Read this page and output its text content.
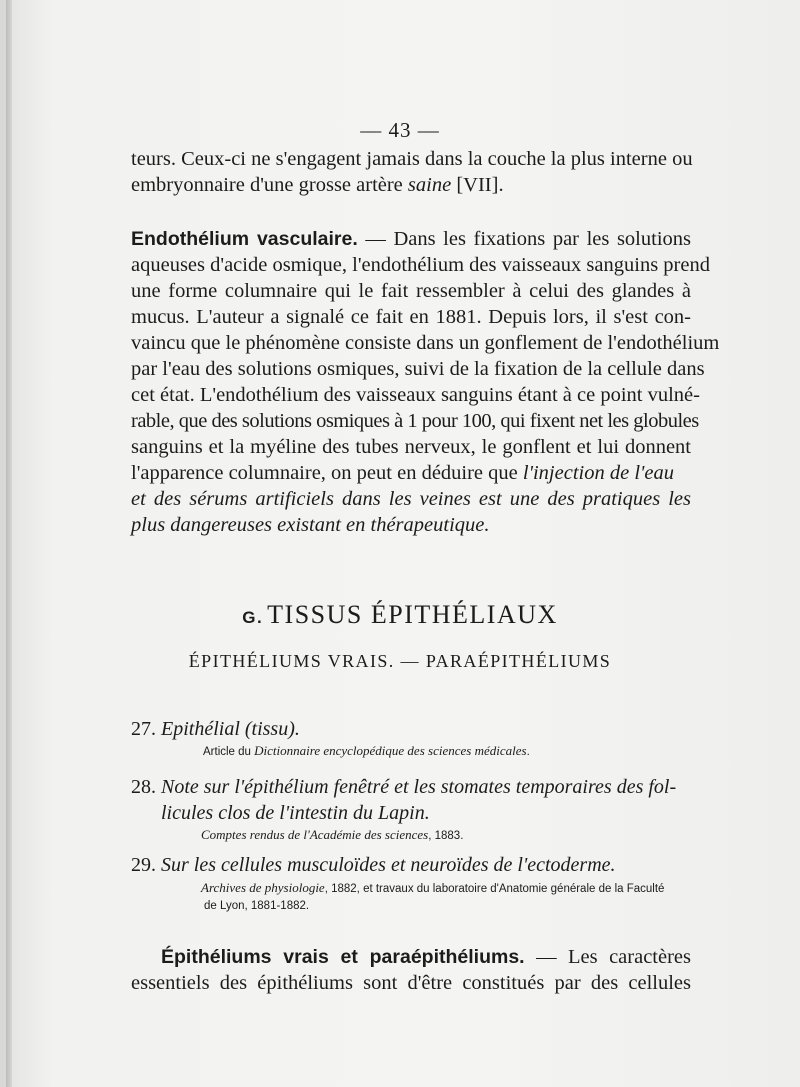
— 43 —
teurs. Ceux-ci ne s'engagent jamais dans la couche la plus interne ou
embryonnaire d'une grosse artère saine [VII].
Endothélium vasculaire. — Dans les fixations par les solutions
aqueuses d'acide osmique, l'endothélium des vaisseaux sanguins prend
une forme columnaire qui le fait ressembler à celui des glandes à
mucus. L'auteur a signalé ce fait en 1881. Depuis lors, il s'est con-
vaincu que le phénomène consiste dans un gonflement de l'endothélium
par l'eau des solutions osmiques, suivi de la fixation de la cellule dans
cet état. L'endothélium des vaisseaux sanguins étant à ce point vulné-
rable, que des solutions osmiques à 1 pour 100, qui fixent net les globules
sanguins et la myéline des tubes nerveux, le gonflent et lui donnent
l'apparence columnaire, on peut en déduire que l'injection de l'eau
et des sérums artificiels dans les veines est une des pratiques les
plus dangereuses existant en thérapeutique.
G. TISSUS ÉPITHÉLIAUX
ÉPITHÉLIUMS VRAIS. — PARAÉPITHÉLIUMS
27. Epithélial (tissu).
Article du Dictionnaire encyclopédique des sciences médicales.
28. Note sur l'épithélium fenêtré et les stomates temporaires des fol-
licules clos de l'intestin du Lapin.
Comptes rendus de l'Académie des sciences, 1883.
29. Sur les cellules musculoïdes et neuroïdes de l'ectoderme.
Archives de physiologie, 1882, et travaux du laboratoire d'Anatomie générale de la Faculté
de Lyon, 1881-1882.
Épithéliums vrais et paraépithéliums. — Les caractères
essentiels des épithéliums sont d'être constitués par des cellules
